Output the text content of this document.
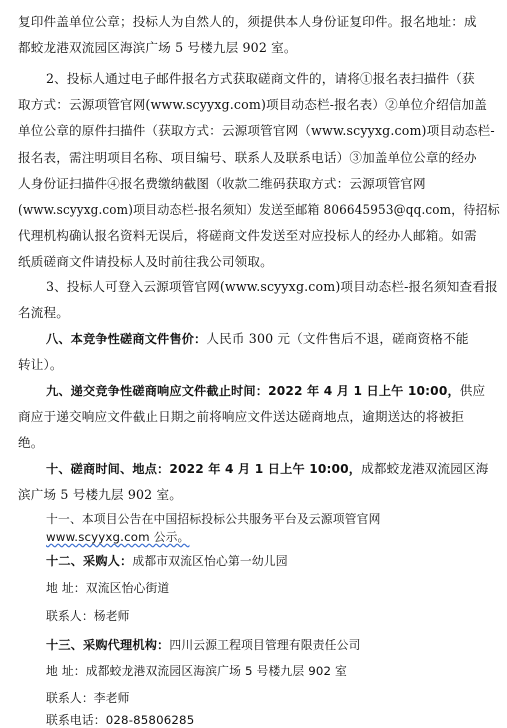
复印件盖单位公章；投标人为自然人的，须提供本人身份证复印件。报名地址：成
都蛟龙港双流园区海滨广场 5 号楼九层 902 室。
2、投标人通过电子邮件报名方式获取磋商文件的，请将①报名表扫描件（获
取方式：云源项管官网(www.scyyxg.com)项目动态栏-报名表）②单位介绍信加盖
单位公章的原件扫描件（获取方式：云源项管官网（www.scyyxg.com)项目动态栏-
报名表，需注明项目名称、项目编号、联系人及联系电话）③加盖单位公章的经办
人身份证扫描件④报名费缴纳截图（收款二维码获取方式：云源项管官网
(www.scyyxg.com)项目动态栏-报名须知）发送至邮箱 806645953@qq.com，待招标
代理机构确认报名资料无误后，将磋商文件发送至对应投标人的经办人邮箱。如需
纸质磋商文件请投标人及时前往我公司领取。
3、投标人可登入云源项管官网(www.scyyxg.com)项目动态栏-报名须知查看报
名流程。
八、本竞争性磋商文件售价：人民币 300 元（文件售后不退，磋商资格不能
转让）。
九、递交竞争性磋商响应文件截止时间：2022 年 4 月 1 日上午 10:00，供应
商应于递交响应文件截止日期之前将响应文件送达磋商地点，逾期送达的将被拒
绝。
十、磋商时间、地点：2022 年 4 月 1 日上午 10:00，成都蛟龙港双流园区海
滨广场 5 号楼九层 902 室。
十一、本项目公告在中国招标投标公共服务平台及云源项管官网
www.scyyxg.com 公示。
十二、采购人：成都市双流区怡心第一幼儿园
地 址：双流区怡心街道
联系人：杨老师
十三、采购代理机构：四川云源工程项目管理有限责任公司
地 址：成都蛟龙港双流园区海滨广场 5 号楼九层 902 室
联系人：李老师
联系电话：028-85806285
